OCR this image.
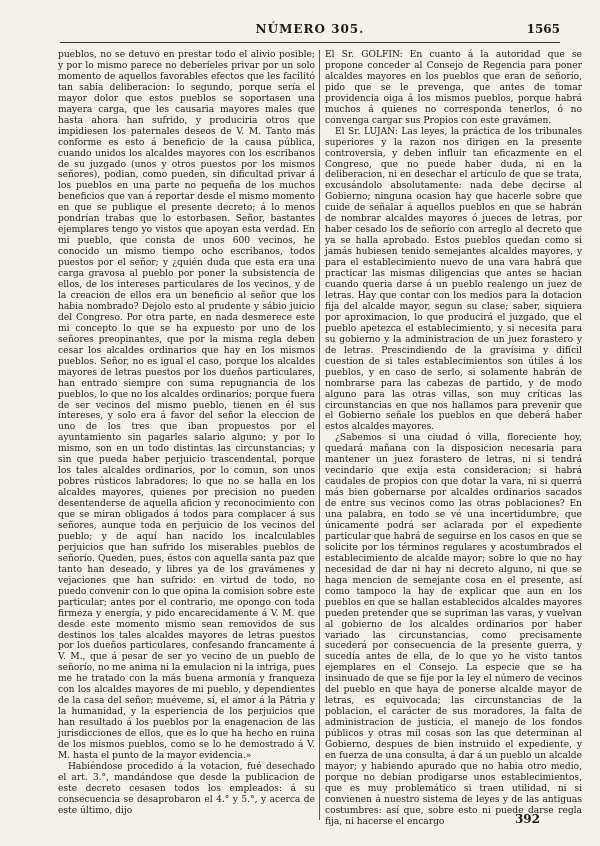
NÚMERO 305.	1565

pueblos, no se detuvo en prestar todo el alivio posible; y por lo mismo parece no deberíeles privar por un solo momento de aquellos favorables efectos que les facilitó tan sabia deliberacion: lo segundo, porque sería el mayor dolor que estos pueblos se soportasen una mayera carga, que les causaria mayores males que hasta ahora han sufrido, y produciria otros que impidiesen los paternales deseos de V. M. Tanto más conforme es esto á beneficio de la causa pública, cuando unidos los alcaldes mayores con los escribanos de su juzgado (unos y otros puestos por los mismos señores), podian, como pueden, sin dificultad privar á los pueblos en una parte no pequeña de los muchos beneficios que van á reportar desde el mismo momento en que se publique el presente decreto; á lo menos pondrían trabas que lo estorbasen. Señor, bastantes ejemplares tengo yo vistos que apoyan esta verdad. En mi pueblo, que consta de unos 600 vecinos, he conocido un mismo tiempo ocho escribanos, todos puestos por el señor; y ¿quién duda que esta era una carga gravosa al pueblo por poner la subsistencia de ellos, de los intereses particulares de los vecinos, y de la creacion de ellos era un beneficio al señor que los habia nombrado? Dejolo esto al prudente y sábio juicio del Congreso. Por otra parte, en nada desmerece este mi concepto lo que se ha expuesto por uno de los señores preopinantes, que por la misma regla deben cesar los alcaldes ordinarios que hay en los mismos pueblos. Señor, no es igual el caso, porque los alcaldes mayores de letras puestos por los dueños particulares, han entrado siempre con suma repugnancia de los pueblos, lo que no los alcaldes ordinarios; porque fuera de ser vecinos del mismo pueblo, tienen en él sus intereses, y solo era á favor del señor la eleccion de uno de los tres que iban propuestos por el ayuntamiento sin pagarles salario alguno; y por lo mismo, son en un todo distintas las circunstancias; y sin que pueda haber perjuicio trascendental, porque los tales alcaldes ordinarios, por lo comun, son unos pobres rústicos labradores; lo que no se halla en los alcaldes mayores, quienes por precision no pueden desentenderse de aquella aficion y reconocimiento con que se miran obligados á todos para complacer á sus señores, aunque toda en perjuicio de los vecinos del pueblo; y de aquí han nacido los incalculables perjuicios que han sufrido los miserables pueblos de señorío. Queden, pues, éstos con aquella santa paz que tanto han deseado, y libres ya de los gravámenes y vejaciones que han sufrido: en virtud de todo, no puedo convenir con lo que opina la comision sobre este particular; antes por el contrario, me opongo con toda firmeza y energía, y pido encarecidamente á V. M. que desde este momento mismo sean removidos de sus destinos los tales alcaldes mayores de letras puestos por los dueños particulares, confesando francamente á V. M., que á pesar de ser yo vecino de un pueblo de señorío, no me anima ni la emulacion ni la intriga, pues me he tratado con la más buena armonía y franqueza con los alcaldes mayores de mi pueblo, y dependientes de la casa del señor; muéveme, sí, el amor á la Pátria y la humanidad, y la esperiencia de los perjuicios que han resultado á los pueblos por la enagenacion de las jurisdicciones de ellos, que es lo que ha hecho en ruina de los mismos pueblos, como se lo he demostrado á V. M. hasta el punto de la mayor evidencia.»

Habiéndose procedido á la votacion, fué desechado el art. 3.°, mandándose que desde la publicacion de este decreto cesasen todos los empleados: á su consecuencia se desaprobaron el 4.° y 5.°, y acerca de este último, dijo

El Sr. GOLFIN: En cuanto á la autoridad que se propone conceder al Consejo de Regencia para poner alcaldes mayores en los pueblos que eran de señorío, pido que se le prevenga, que antes de tomar providencia oiga á los mismos pueblos, porque habrá muchos á quienes no corresponda tenerlos, ó no convenga cargar sus Propios con este gravámen.

El Sr. LUJAN: Las leyes, la práctica de los tribunales superiores y la razon nos dirigen en la presente controversia, y deben influir tan eficazmente en el Congreso, que no puede haber duda, ni en la deliberacion, ni en desechar el artículo de que se trata, excusándolo absolutamente: nada debe decirse al Gobierno; ninguna ocasion hay que hacerle sobre que cuide de señalar á aquellos pueblos en que se habrán de nombrar alcaldes mayores ó jueces de letras, por haber cesado los de señorío con arreglo al decreto que ya se halla aprobado. Estos pueblos quedan como si jamás hubiesen tenido semejantes alcaldes mayores, y para el establecimiento nuevo de una vara habrá que practicar las mismas diligencias que antes se hacian cuando queria darse á un pueblo realengo un juez de letras. Hay que contar con los medios para la dotacion fija del alcalde mayor, segun su clase; saber, siquiera por aproximacion, lo que producirá el juzgado, que el pueblo apetezca el establecimiento, y si necesita para su gobierno y la administracion de un juez forastero y de letras. Prescindiendo de la gravísima y difícil cuestion de si tales establecimientos son útiles á los pueblos, y en caso de serlo, si solamente habrán de nombrarse para las cabezas de partido, y de modo alguno para las otras villas, son muy críticas las circunstancias en que nos hallamos para prevenir que el Gobierno señale los pueblos en que deberá haber estos alcaldes mayores.

¿Sabemos si una ciudad ó villa, floreciente hoy, quedará mañana con la disposicion necesaria para mantener un juez forastero de letras, ni si tendrá vecindario que exija esta consideracion; si habrá caudales de propios con que dotar la vara, ni si querrá más bien gobernarse por alcaldes ordinarios sacados de entre sus vecinos como las otras poblaciones? En una palabra, en todo se vé una incertidumbre, que únicamente podrá ser aclarada por el expediente particular que habrá de seguirse en los casos en que se solicite por los términos regulares y acostumbrados el establecimiento de alcalde mayor; sobre lo que no hay necesidad de dar ni hay ni decreto alguno, ni que se haga mencion de semejante cosa en el presente, así como tampoco la hay de explicar que aun en los pueblos en que se hallan establecidos alcaldes mayores pueden pretender que se supriman las varas, y vuelvan al gobierno de los alcaldes ordinarios por haber variado las circunstancias, como precisamente sucederá por consecuencia de la presente guerra, y sucedía antes de ella, de lo que yo he visto tantos ejemplares en el Consejo. La especie que se ha insinuado de que se fije por la ley el número de vecinos del pueblo en que haya de ponerse alcalde mayor de letras, es equivocada; las circunstancias de la poblacion, el carácter de sus moradores, la falta de administracion de justicia, el manejo de los fondos públicos y otras mil cosas son las que determinan al Gobierno, despues de bien instruido el expediente, y en fuerza de una consulta, á dar á un pueblo un alcalde mayor; y habiendo apurado que no habia otro medio, porque no debían prodigarse unos establecimientos, que es muy problemático si traen utilidad, ni si convienen á nuestro sistema de leyes y de las antiguas costumbres: así que, sobre esto ni puede darse regla fija, ni hacerse el encargo	392
